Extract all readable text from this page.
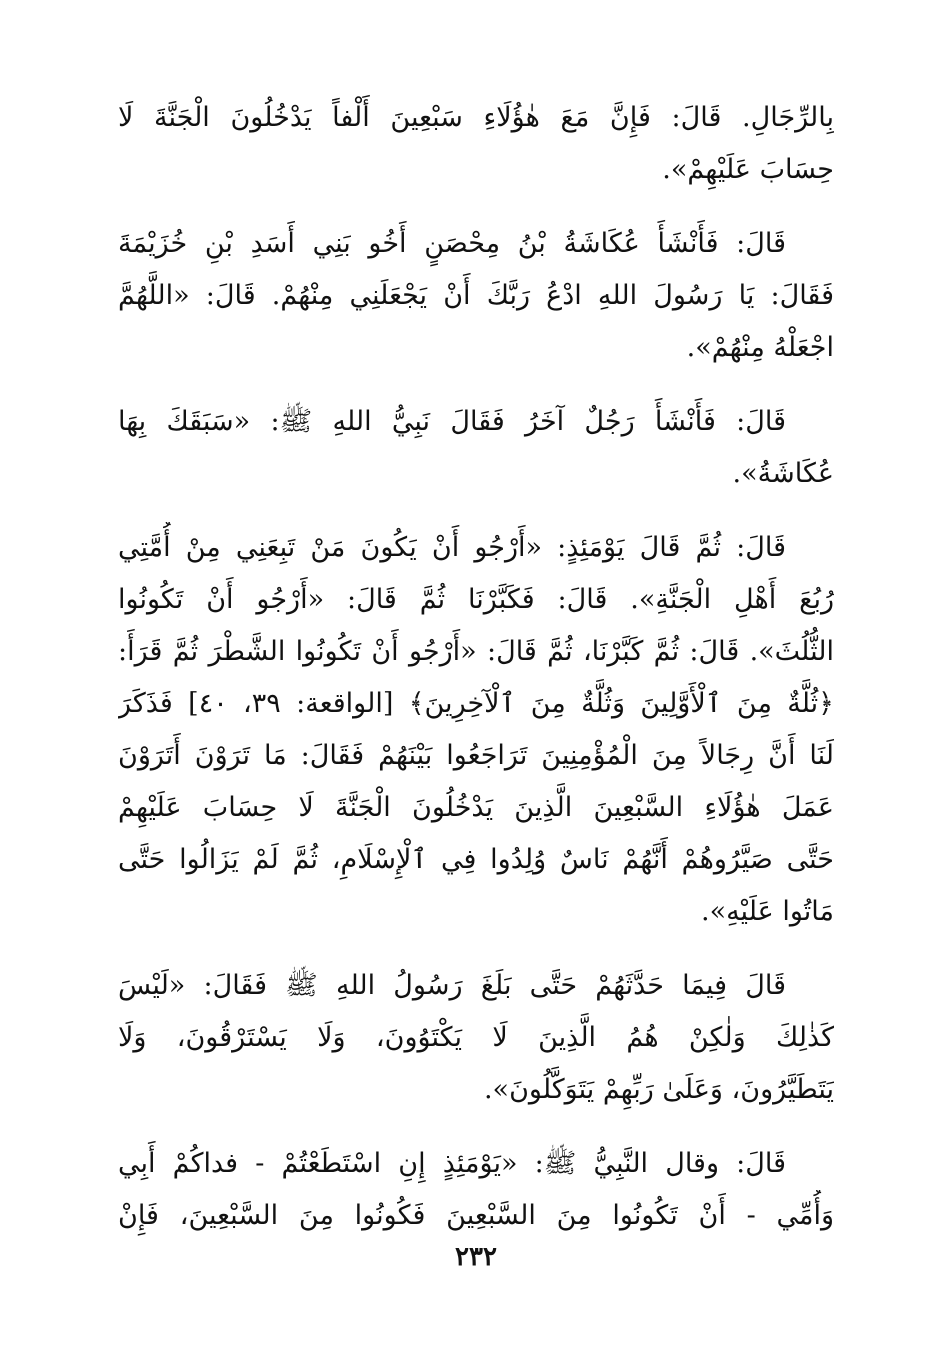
بِالرِّجَالِ. قَالَ: فَإِنَّ مَعَ هٰؤُلَاءِ سَبْعِينَ أَلْفاً يَدْخُلُونَ الْجَنَّةَ لَا
حِسَابَ عَلَيْهِمْ».
قَالَ: فَأَنْشَأَ عُكَاشَةُ بْنُ مِحْصَنٍ أَخُو بَنِي أَسَدِ بْنِ خُزَيْمَةَ
فَقَالَ: يَا رَسُولَ اللهِ ادْعُ رَبَّكَ أَنْ يَجْعَلَنِي مِنْهُمْ. قَالَ: «اللَّهُمَّ
اجْعَلْهُ مِنْهُمْ».
قَالَ: فَأَنْشَأَ رَجُلٌ آخَرُ فَقَالَ نَبِيُّ اللهِ ﷺ: «سَبَقَكَ بِهَا
عُكَاشَةُ».
قَالَ: ثُمَّ قَالَ يَوْمَئِذٍ: «أَرْجُو أَنْ يَكُونَ مَنْ تَبِعَنِي مِنْ أُمَّتِي
رُبُعَ أَهْلِ الْجَنَّةِ». قَالَ: فَكَبَّرْنَا ثُمَّ قَالَ: «أَرْجُو أَنْ تَكُونُوا
الثُّلُثَ». قَالَ: ثُمَّ كَبَّرْنَا، ثُمَّ قَالَ: «أَرْجُو أَنْ تَكُونُوا الشَّطْرَ ثُمَّ قَرَأَ:
﴿ثُلَّةٌ مِنَ ٱلْأَوَّلِينَ وَثُلَّةٌ مِنَ ٱلْآخِرِينَ﴾ [الواقعة: ٣٩، ٤٠] فَذَكَرَ
لَنَا أَنَّ رِجَالاً مِنَ الْمُؤْمِنِينَ تَرَاجَعُوا بَيْنَهُمْ فَقَالَ: مَا تَرَوْنَ أَتَرَوْنَ
عَمَلَ هٰؤُلَاءِ السَّبْعِينَ الَّذِينَ يَدْخُلُونَ الْجَنَّةَ لَا حِسَابَ عَلَيْهِمْ
حَتَّى صَيَّرُوهُمْ أَنَّهُمْ نَاسٌ وُلِدُوا فِي ٱلْإِسْلَامِ، ثُمَّ لَمْ يَزَالُوا حَتَّى
مَاتُوا عَلَيْهِ».
قَالَ فِيمَا حَدَّثَهُمْ حَتَّى بَلَغَ رَسُولُ اللهِ ﷺ فَقَالَ: «لَيْسَ
كَذٰلِكَ وَلٰكِنْ هُمُ الَّذِينَ لَا يَكْتَوُونَ، وَلَا يَسْتَرْقُونَ، وَلَا
يَتَطَيَّرُونَ، وَعَلَىٰ رَبِّهِمْ يَتَوَكَّلُونَ».
قَالَ: وقال النَّبِيُّ ﷺ: «يَوْمَئِذٍ إِنِ اسْتَطَعْتُمْ - فداكُمْ أَبِي
وَأُمِّي - أَنْ تَكُونُوا مِنَ السَّبْعِينَ فَكُونُوا مِنَ السَّبْعِينَ، فَإِنْ
٢٣٢
